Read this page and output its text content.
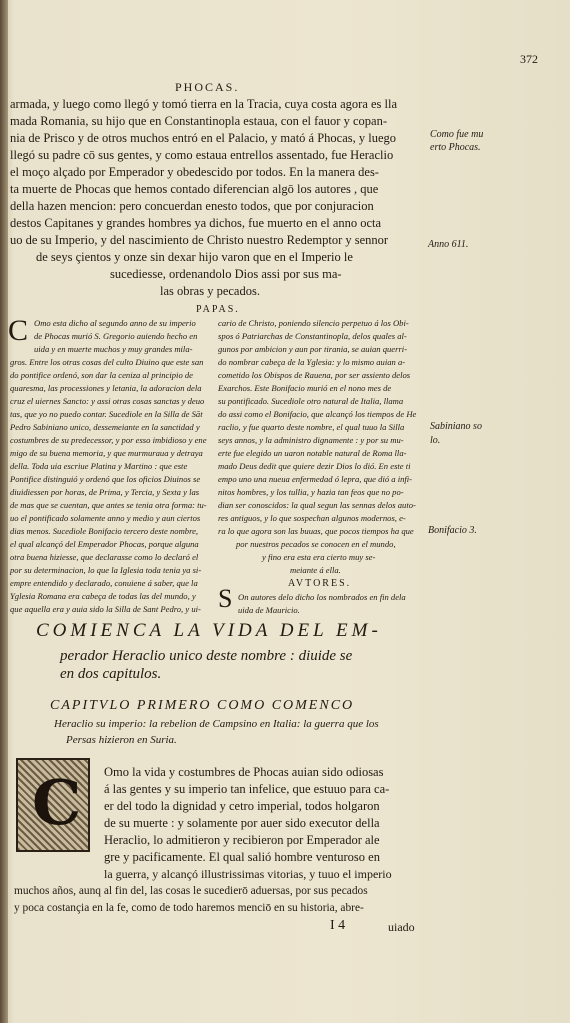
PHOCAS.
372
armada, y luego como llegó y tomó tierra en la Tracia, cuya costa agora es lla
mada Romania, su hijo que en Constantinopla estaua, con el fauor y copan-
nia de Prisco y de otros muchos entró en el Palacio, y mató á Phocas, y luego
llegó su padre cō sus gentes, y como estaua entrellos assentado, fue Heraclio
el moço alçado por Emperador y obedescido por todos. En la manera des-
ta muerte de Phocas que hemos contado diferencian algō los autores , que
della hazen mencion: pero concuerdan enesto todos, que por conjuracion
destos Capitanes y grandes hombres ya dichos, fue muerto en el anno octa
uo de su Imperio, y del nascimiento de Christo nuestro Redemptor y sennor
de seys çientos y onze sin dexar hijo varon que en el Imperio le
sucediesse, ordenandolo Dios assi por sus ma-
las obras y pecados.
Como fue mu
erto Phocas.
Anno 611.
Sabiniano so
lo.
Bonifacio 3.
PAPAS.
C Omo esta dicho al segundo anno de su imperio
de Phocas murió S. Gregorio auiendo hecho en
uida y en muerte muchos y muy grandes mila-
gros. Entre los otras cosas del culto Diuino que este san
do pontifice ordenó, son dar la ceniza al principio de
quaresma, las processiones y letania, la adoracion dela
cruz el uiernes Sancto: y assi otras cosas sanctas y deuo
tas, que yo no puedo contar. Sucediole en la Silla de Sāt
Pedro Sabiniano unico, dessemeiante en la sanctidad y
costumbres de su predecessor, y por esso imbidioso y ene
migo de su buena memoria, y que murmuraua y detraya
della. Toda uia escriue Platina y Martino : que este
Pontifice distinguió y ordenó que los oficios Diuinos se
diuidiessen por horas, de Prima, y Tercia, y Sexta y las
de mas que se cuentan, que antes se tenia otra forma: tu-
uo el pontificado solamente anno y medio y aun ciertos
dias menos. Sucediole Bonifacio tercero deste nombre,
el qual alcançó del Emperador Phocas, porque alguna
otra buena hiziesse, que declarasse como lo declaró el
por su determinacion, lo que la Iglesia toda tenia ya si-
empre entendido y declarado, conuiene á saber, que la
Yglesia Romana era cabeça de todas las del mundo, y
que aquella era y auia sido la Silla de Sant Pedro, y ui-
cario de Christo, poniendo silencio perpetuo á los Obi-
spos ó Patriarchas de Constantinopla, delos quales al-
gunos por ambicion y aun por tirania, se auian querri-
do nombrar cabeça de la Yglesia: y lo mismo auian a-
cometido los Obispos de Rauena, por ser assiento delos
Exarchos. Este Bonifacio murió en el nono mes de
su pontificado. Sucediole otro natural de Italia, llama
do assi como el Bonifacio, que alcançó los tiempos de He
raclio, y fue quarto deste nombre, el qual tuuo la Silla
seys annos, y la administro dignamente : y por su mu-
erte fue elegido un uaron notable natural de Roma lla-
mado Deus dedit que quiere dezir Dios lo dió. En este ti
empo uno una nueua enfermedad ó lepra, que dió a infi-
nitos hombres, y los tullia, y hazia tan feos que no po-
dian ser conoscidos: la qual segun las sennas delos auto-
res antiguos, y lo que sospechan algunos modernos, e-
ra lo que agora son las buuas, que pocos tiempos ha que
por nuestros pecados se conocen en el mundo,
y fino era esta era cierto muy se-
meiante á ella.
AVTORES.
S On autores delo dicho los nombrados en fin dela
uida de Mauricio.
COMIENCA LA VIDA DEL EM-
perador Heraclio unico deste nombre : diuide se
en dos capitulos.
CAPITVLO PRIMERO COMO COMENCO
Heraclio su imperio: la rebelion de Campsino en Italia: la guerra que los
Persas hizieron en Suria.
C Omo la vida y costumbres de Phocas auian sido odiosas
á las gentes y su imperio tan infelice, que estuuo para ca-
er del todo la dignidad y cetro imperial, todos holgaron
de su muerte : y solamente por auer sido executor della
Heraclio, lo admitieron y recibieron por Emperador ale
gre y pacificamente. El qual salió hombre venturoso en
la guerra, y alcançó illustrissimas vitorias, y tuuo el imperio
muchos años, aunq al fin del, las cosas le sucedierō aduersas, por sus pecados
y poca costançia en la fe, como de todo haremos menciō en su historia, abre-
I 4	uiado
